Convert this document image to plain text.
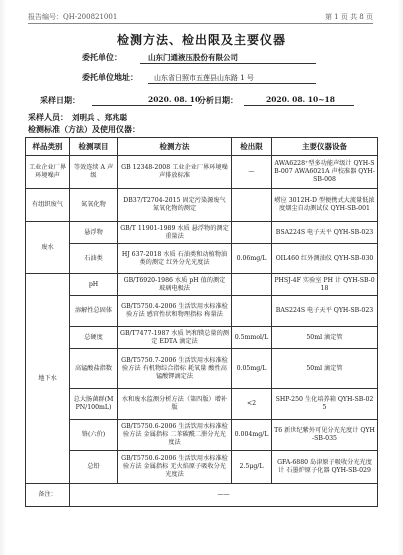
报告编号：QH-200821001	第 1 页 共 8 页
检测方法、检出限及主要仪器
委托单位：	山东门通液压股份有限公司
委托单位地址： 山东省日照市五莲县山东路 1 号
采样日期：	2020. 08. 10
分析日期：	2020. 08. 10~18
采样人员： 刘明兵 、郑兆聪
检测标准（方法）及使用仪器：
样品类别	检测项目	检测方法	检出限	主要仪器设备
工业企业厂界环境噪声	等效连续 A 声级	GB 12348-2008 工业企业厂界环境噪声排放标准	—	AWA6228⁺型多功能声级计 QYH-SB-007 AWA6021A 声校准器 QYH-SB-008
有组织废气	氮氧化物	DB37/T2704-2015 固定污染源废气 氮氧化物的测定		崂应 3012H-D 型便携式大流量低浓度烟尘自动测试仪 QYH-SB-001
废水	悬浮物	GB/T 11901-1989 水质 悬浮物的测定 重量法		BSA224S 电子天平 QYH-SB-023
	石油类	HJ 637-2018 水质 石油类和动植物油类的测定 红外分光光度法	0.06mg/L	OIL460 红外测油仪 QYH-SB-030
地下水	pH	GB/T6920-1986 水质 pH 值的测定 玻璃电极法		PHSJ-4F 实验室 PH 计 QYH-SB-018
	溶解性总固体	GB/T5750.4-2006 生活饮用水标准检验方法 感官性状和物理指标 称量法		BAS224S 电子天平 QYH-SB-023
	总硬度	GB/T7477-1987 水质 钙和镁总量的测定 EDTA 滴定法	0.5mmol/L	50ml 滴定管
	高锰酸盐指数	GB/T5750.7-2006 生活饮用水标准检验方法 有机物综合指标 耗氧量 酸性高锰酸钾滴定法	0.05mg/L	50ml 滴定管
	总大肠菌群(MPN/100mL)	水和废水监测分析方法（第四版）增补版	<2	SHP-250 生化培养箱 QYH-SB-025
	铬(六价)	GB/T5750.6-2006 生活饮用水标准检验方法 金属指标 二苯碳酰二肼分光光度法	0.004mg/L	T6 新世纪紫外可见分光光度计 QYH-SB-035
	总铅	GB/T5750.6-2006 生活饮用水标准检验方法 金属指标 无火焰原子吸收分光光度法	2.5μg/L	GFA-6880 岛津原子吸收分光光度计 石墨炉原子化器 QYH-SB-029
备注：	——			
